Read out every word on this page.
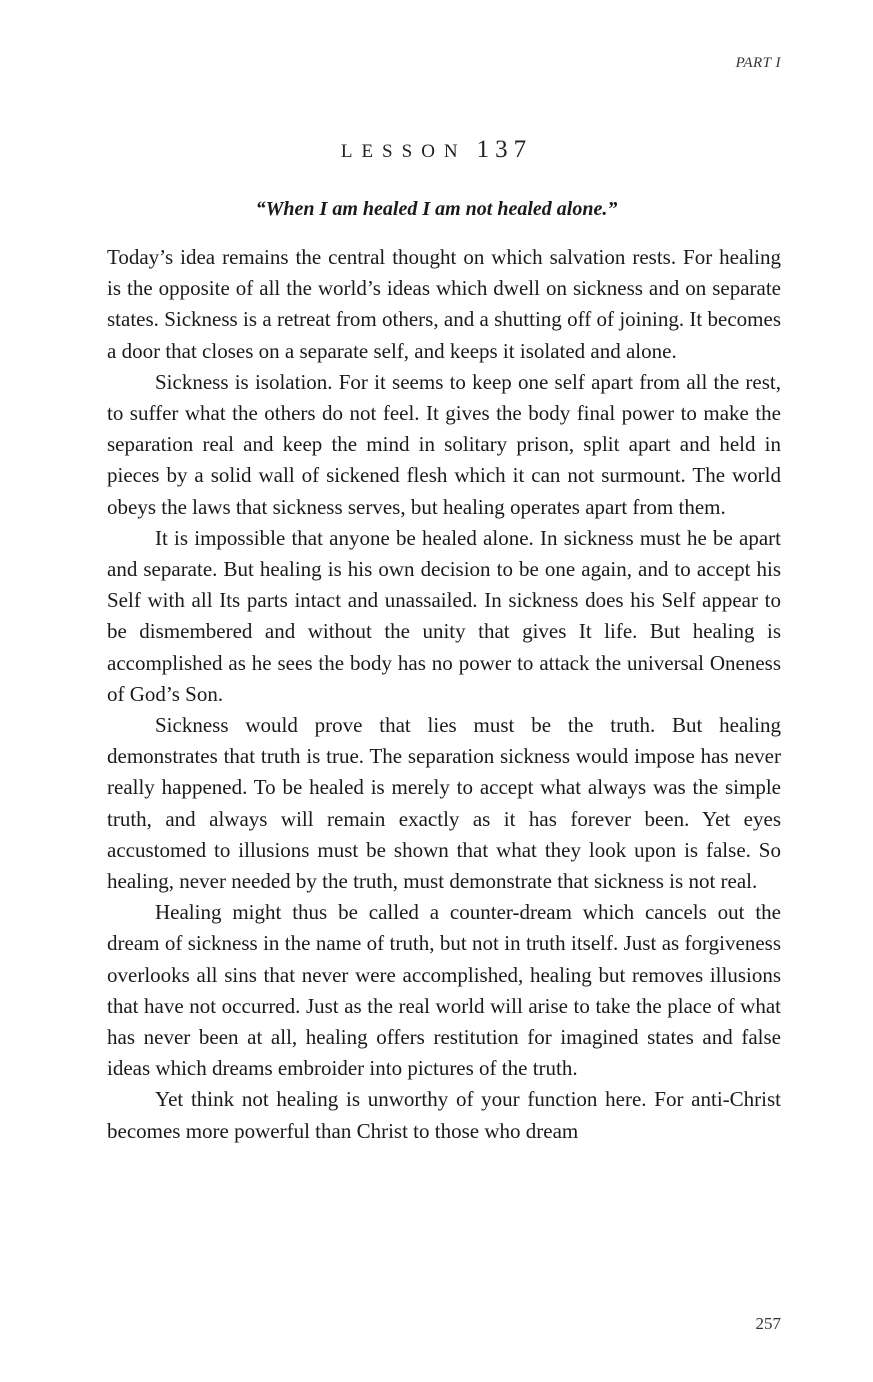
PART I
LESSON 137
“When I am healed I am not healed alone.”

Today’s idea remains the central thought on which salvation rests. For healing is the opposite of all the world’s ideas which dwell on sickness and on separate states. Sickness is a retreat from others, and a shutting off of joining. It becomes a door that closes on a separate self, and keeps it isolated and alone.

Sickness is isolation. For it seems to keep one self apart from all the rest, to suffer what the others do not feel. It gives the body final power to make the separation real and keep the mind in solitary prison, split apart and held in pieces by a solid wall of sickened flesh which it can not surmount. The world obeys the laws that sickness serves, but healing operates apart from them.

It is impossible that anyone be healed alone. In sickness must he be apart and separate. But healing is his own decision to be one again, and to accept his Self with all Its parts intact and unassailed. In sickness does his Self appear to be dismembered and without the unity that gives It life. But healing is accomplished as he sees the body has no power to attack the universal Oneness of God’s Son.

Sickness would prove that lies must be the truth. But healing demonstrates that truth is true. The separation sickness would impose has never really happened. To be healed is merely to accept what always was the simple truth, and always will remain exactly as it has forever been. Yet eyes accustomed to illusions must be shown that what they look upon is false. So healing, never needed by the truth, must demonstrate that sickness is not real.

Healing might thus be called a counter-dream which cancels out the dream of sickness in the name of truth, but not in truth itself. Just as forgiveness overlooks all sins that never were accomplished, healing but removes illusions that have not occurred. Just as the real world will arise to take the place of what has never been at all, healing offers restitution for imagined states and false ideas which dreams embroider into pictures of the truth.

Yet think not healing is unworthy of your function here. For anti-Christ becomes more powerful than Christ to those who dream

257
